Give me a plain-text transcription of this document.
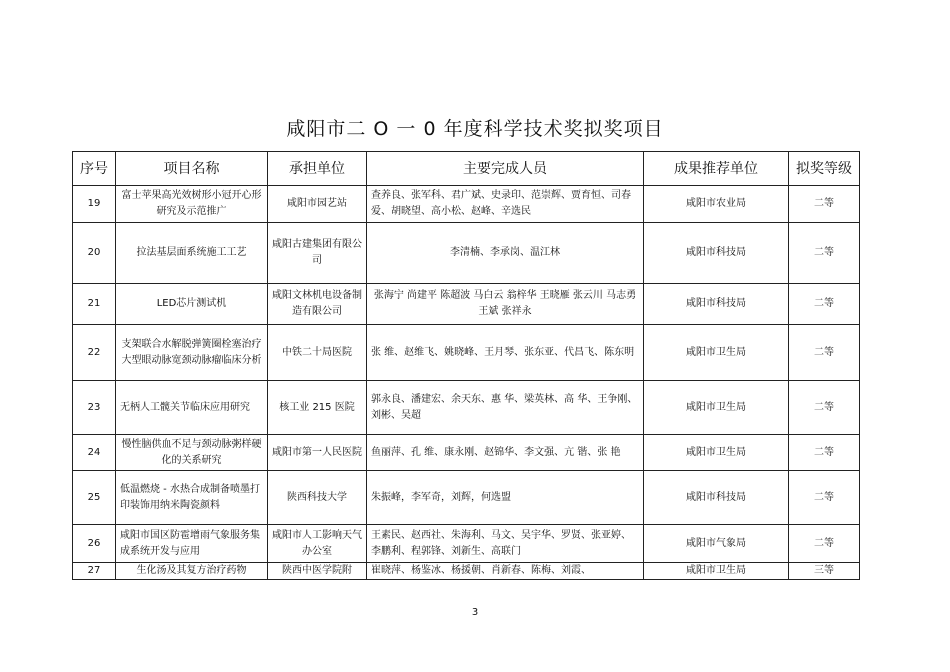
咸阳市二 O 一 0 年度科学技术奖拟奖项目
序号	项目名称	承担单位	主要完成人员	成果推荐单位	拟奖等级
19	富士苹果高光效树形小冠开心形研究及示范推广	咸阳市园艺站	查养良、张军科、君广斌、史录印、范崇辉、贾育恒、司春爱、胡晓望、高小松、赵峰、辛选民	咸阳市农业局	二等
20	拉法基层面系统施工工艺	咸阳古建集团有限公司	李清楠、李承岗、温江林	咸阳市科技局	二等
21	LED芯片测试机	咸阳文林机电设备制造有限公司	张海宁 尚建平 陈超波 马白云 翁梓华 王晓雁 张云川 马志勇 王斌 张祥永	咸阳市科技局	二等
22	支架联合水解脱弹簧圈栓塞治疗大型眼动脉宽颈动脉瘤临床分析	中铁二十局医院	张 维、赵维飞、姚晓峰、王月琴、张东亚、代昌飞、陈东明	咸阳市卫生局	二等
23	无柄人工髋关节临床应用研究	核工业 215 医院	郭永良、潘建宏、余天东、惠 华、梁英林、高 华、王争刚、刘彬、吴超	咸阳市卫生局	二等
24	慢性脑供血不足与颈动脉粥样硬化的关系研究	咸阳市第一人民医院	鱼丽萍、孔 维、康永刚、赵锦华、李文强、亢 锴、张 艳	咸阳市卫生局	二等
25	低温燃烧 - 水热合成制备喷墨打印装饰用纳米陶瓷颜料	陕西科技大学	朱振峰，李军奇，刘辉，何选盟	咸阳市科技局	二等
26	咸阳市国区防雹增雨气象服务集成系统开发与应用	咸阳市人工影响天气办公室	王素民、赵西社、朱海利、马文、吴宇华、罗贤、张亚婷、李鹏利、程郭锋、刘新生、高联门	咸阳市气象局	二等
27	生化汤及其复方治疗药物	陕西中医学院附	崔晓萍、杨鉴冰、杨援朝、肖新春、陈梅、刘霞、	咸阳市卫生局	三等
3
